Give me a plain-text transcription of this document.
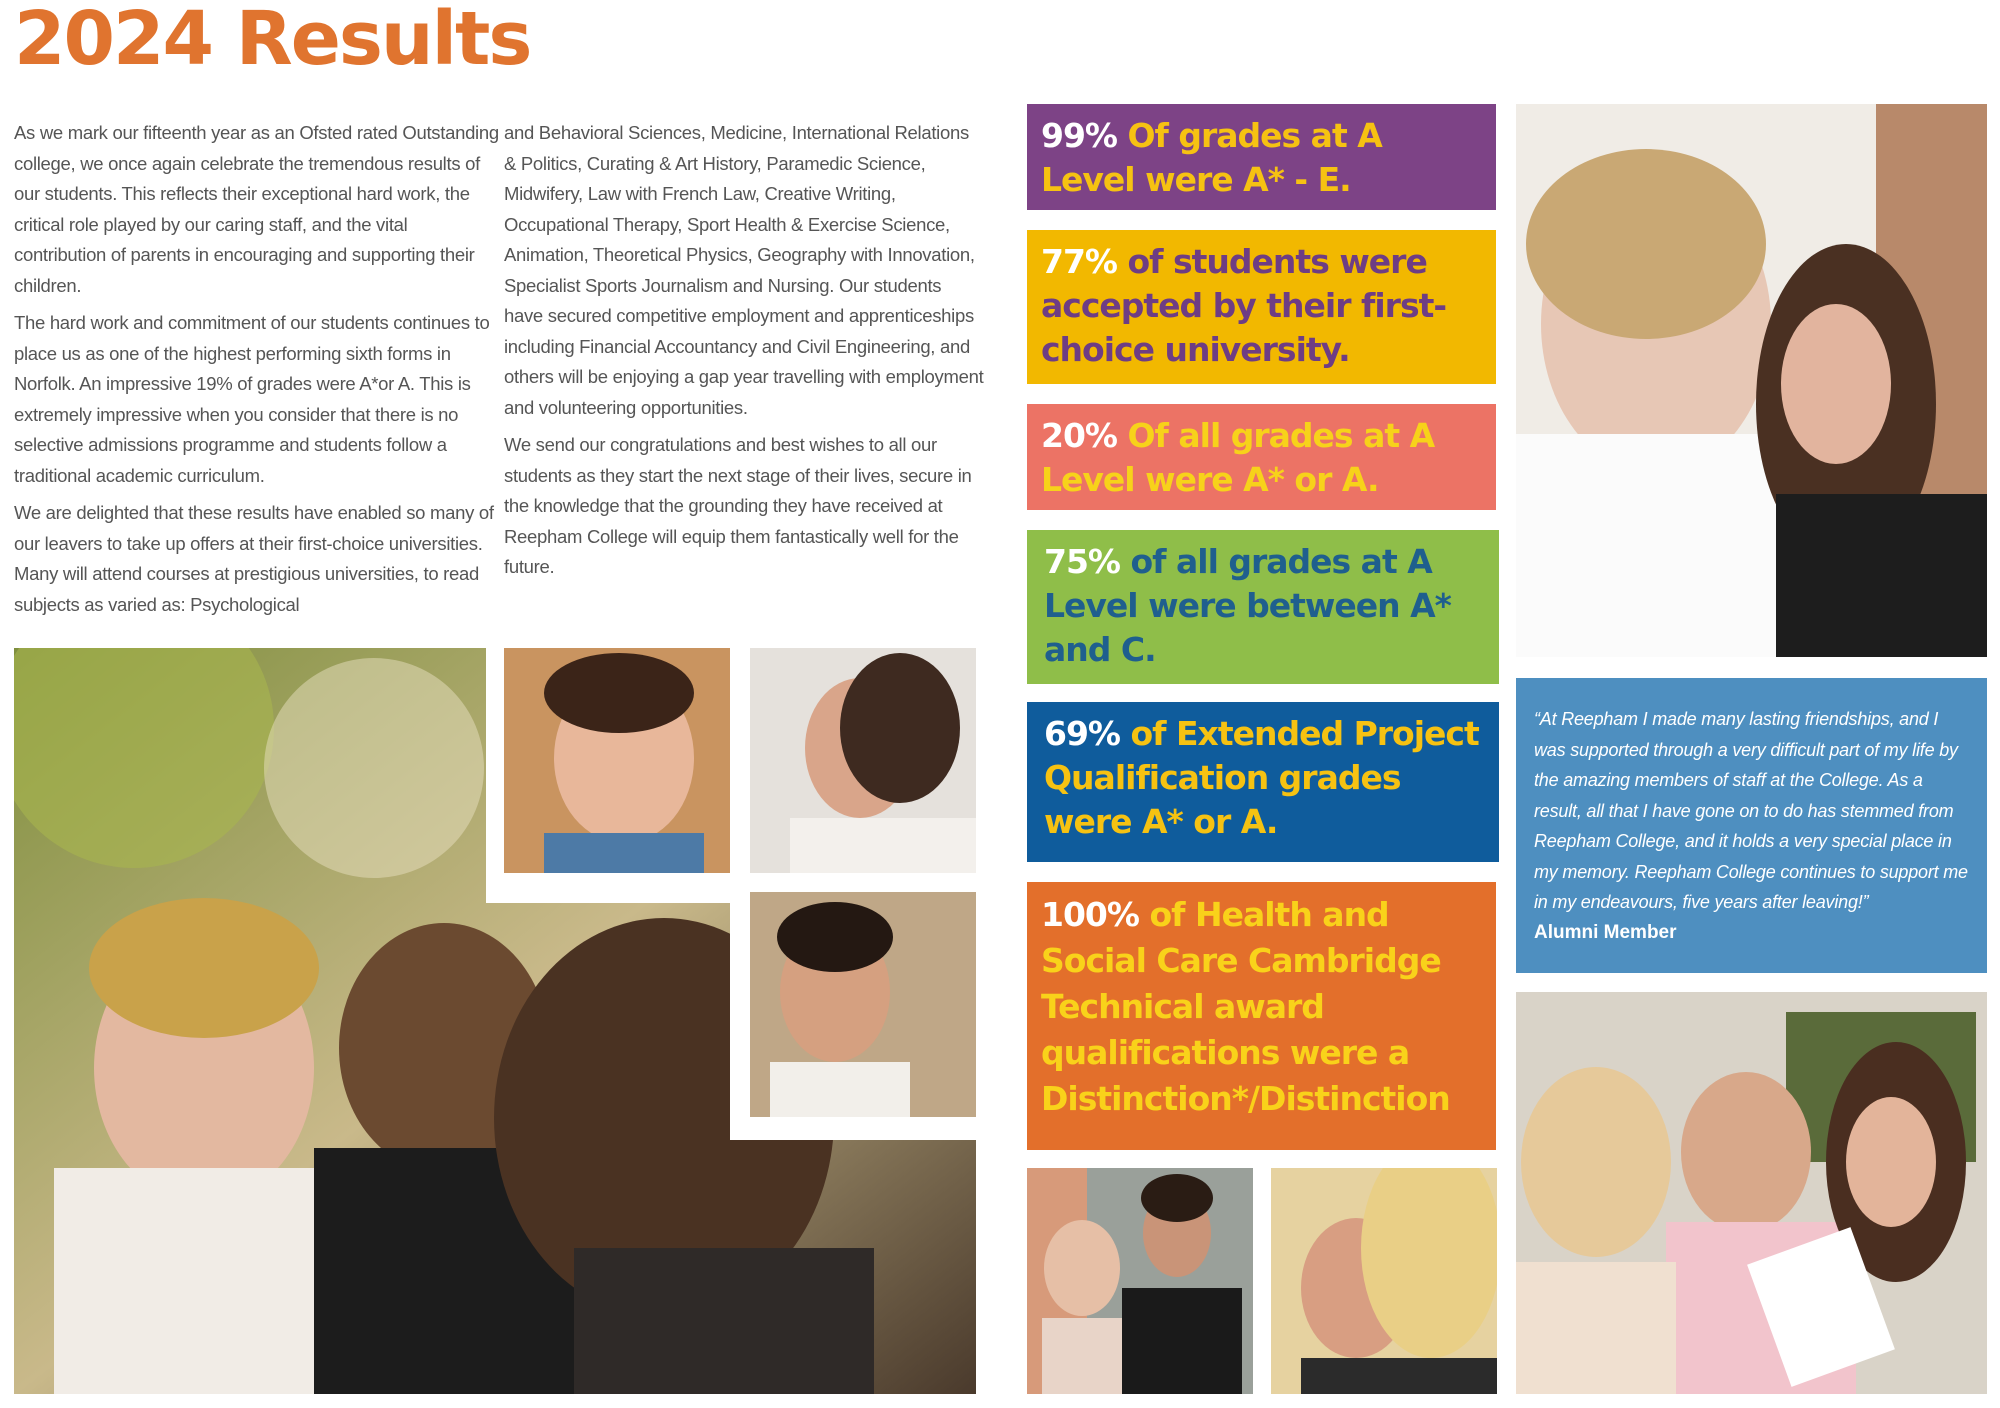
2024 Results

As we mark our fifteenth year as an Ofsted rated Outstanding college, we once again celebrate the tremendous results of our students. This reflects their exceptional hard work, the critical role played by our caring staff, and the vital contribution of parents in encouraging and supporting their children.

The hard work and commitment of our students continues to place us as one of the highest performing sixth forms in Norfolk. An impressive 19% of grades were A*or A. This is extremely impressive when you consider that there is no selective admissions programme and students follow a traditional academic curriculum.

We are delighted that these results have enabled so many of our leavers to take up offers at their first-choice universities. Many will attend courses at prestigious universities, to read subjects as varied as: Psychological

and Behavioral Sciences, Medicine, International Relations & Politics, Curating & Art History, Paramedic Science, Midwifery, Law with French Law, Creative Writing, Occupational Therapy, Sport Health & Exercise Science, Animation, Theoretical Physics, Geography with Innovation, Specialist Sports Journalism and Nursing. Our students have secured competitive employment and apprenticeships including Financial Accountancy and Civil Engineering, and others will be enjoying a gap year travelling with employment and volunteering opportunities.

We send our congratulations and best wishes to all our students as they start the next stage of their lives, secure in the knowledge that the grounding they have received at Reepham College will equip them fantastically well for the future.

99% Of grades at A Level were A* - E.
77% of students were accepted by their first-choice university.
20% Of all grades at A Level were A* or A.
75% of all grades at A Level were between A* and C.
69% of Extended Project Qualification grades were A* or A.
100% of Health and Social Care Cambridge Technical award qualifications were a Distinction*/Distinction
“At Reepham I made many lasting friendships, and I was supported through a very difficult part of my life by the amazing members of staff at the College. As a result, all that I have gone on to do has stemmed from Reepham College, and it holds a very special place in my memory. Reepham College continues to support me in my endeavours, five years after leaving!”
Alumni Member
